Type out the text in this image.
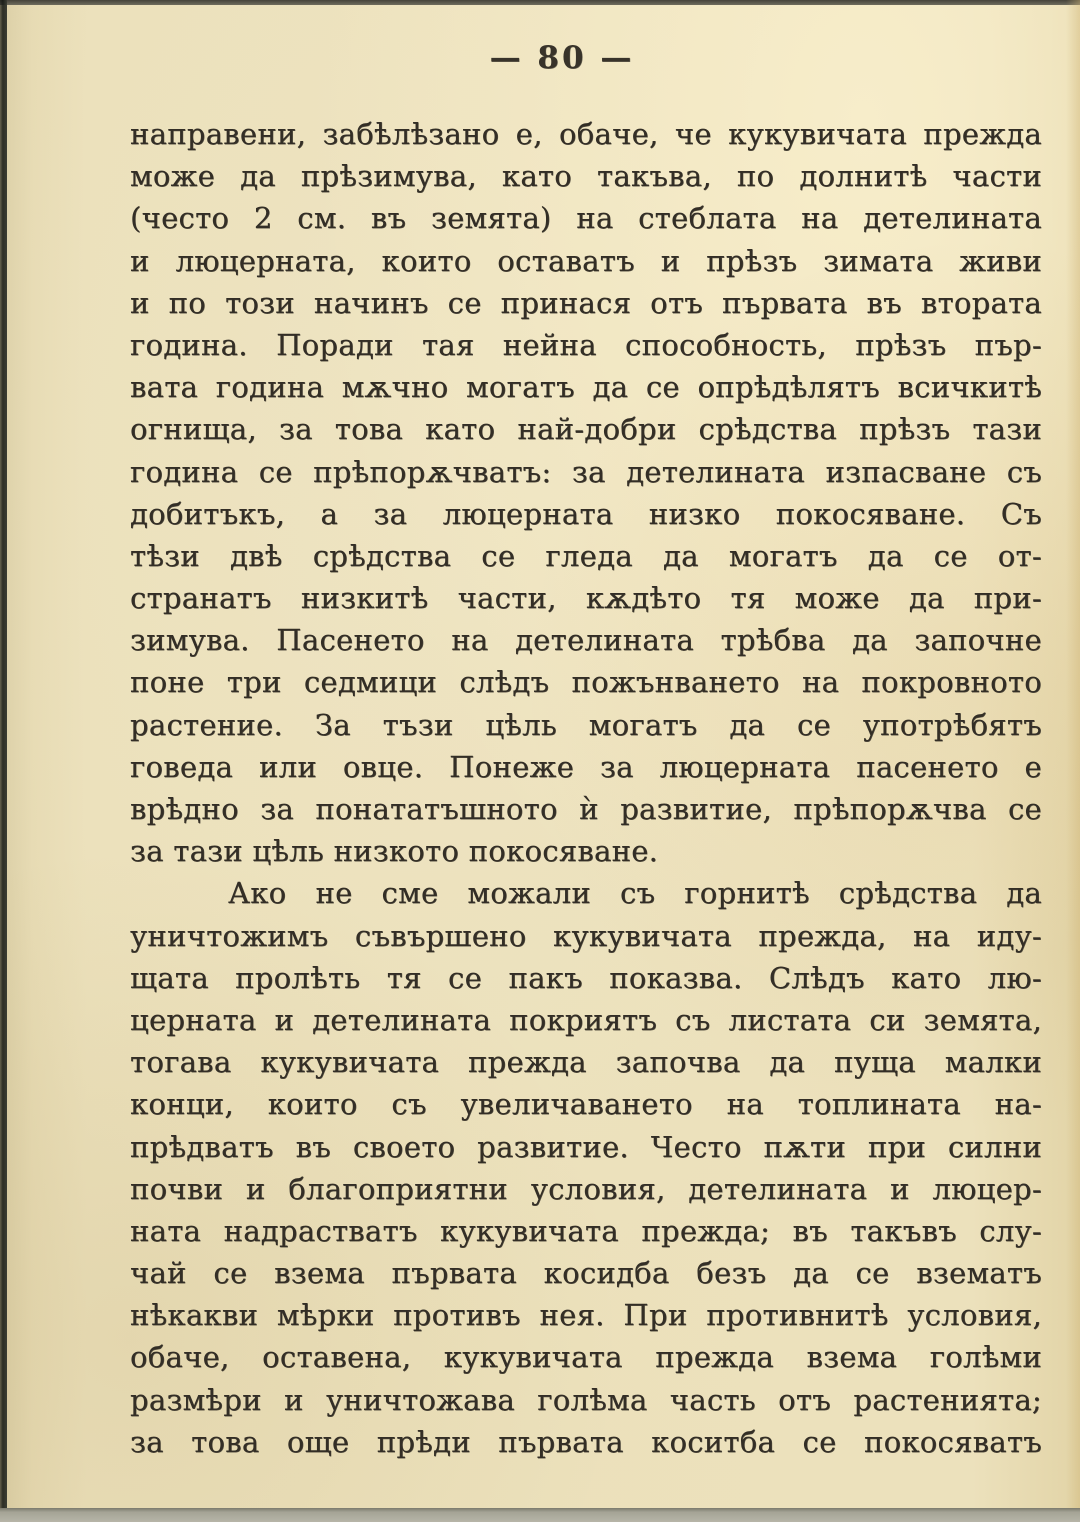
— 80 —
направени, забѣлѣзано е, обаче, че кукувичата прежда
може да прѣзимува, като такъва, по долнитѣ части
(често 2 см. въ земята) на стеблата на детелината
и люцерната, които оставатъ и прѣзъ зимата живи
и по този начинъ се принася отъ първата въ втората
година. Поради тая нейна способность, прѣзъ пър-
вата година мѫчно могатъ да се опрѣдѣлятъ всичкитѣ
огнища, за това като най-добри срѣдства прѣзъ тази
година се прѣпорѫчватъ: за детелината изпасване съ
добитъкъ, а за люцерната низко покосяване. Съ
тѣзи двѣ срѣдства се гледа да могатъ да се от-
странатъ низкитѣ части, кѫдѣто тя може да при-
зимува. Пасенето на детелината трѣбва да започне
поне три седмици слѣдъ пожънването на покровното
растение. За тъзи цѣль могатъ да се употрѣбятъ
говеда или овце. Понеже за люцерната пасенето е
врѣдно за понататъшното ѝ развитие, прѣпорѫчва се
за тази цѣль низкото покосяване.
Ако не сме можали съ горнитѣ срѣдства да
уничтожимъ съвършено кукувичата прежда, на иду-
щата пролѣть тя се пакъ показва. Слѣдъ като лю-
церната и детелината покриятъ съ листата си земята,
тогава кукувичата прежда започва да пуща малки
конци, които съ увеличаването на топлината на-
прѣдватъ въ своето развитие. Често пѫти при силни
почви и благоприятни условия, детелината и люцер-
ната надрастватъ кукувичата прежда; въ такъвъ слу-
чай се взема първата косидба безъ да се взематъ
нѣкакви мѣрки противъ нея. При противнитѣ условия,
обаче, оставена, кукувичата прежда взема голѣми
размѣри и уничтожава голѣма часть отъ растенията;
за това още прѣди първата коситба се покосяватъ
